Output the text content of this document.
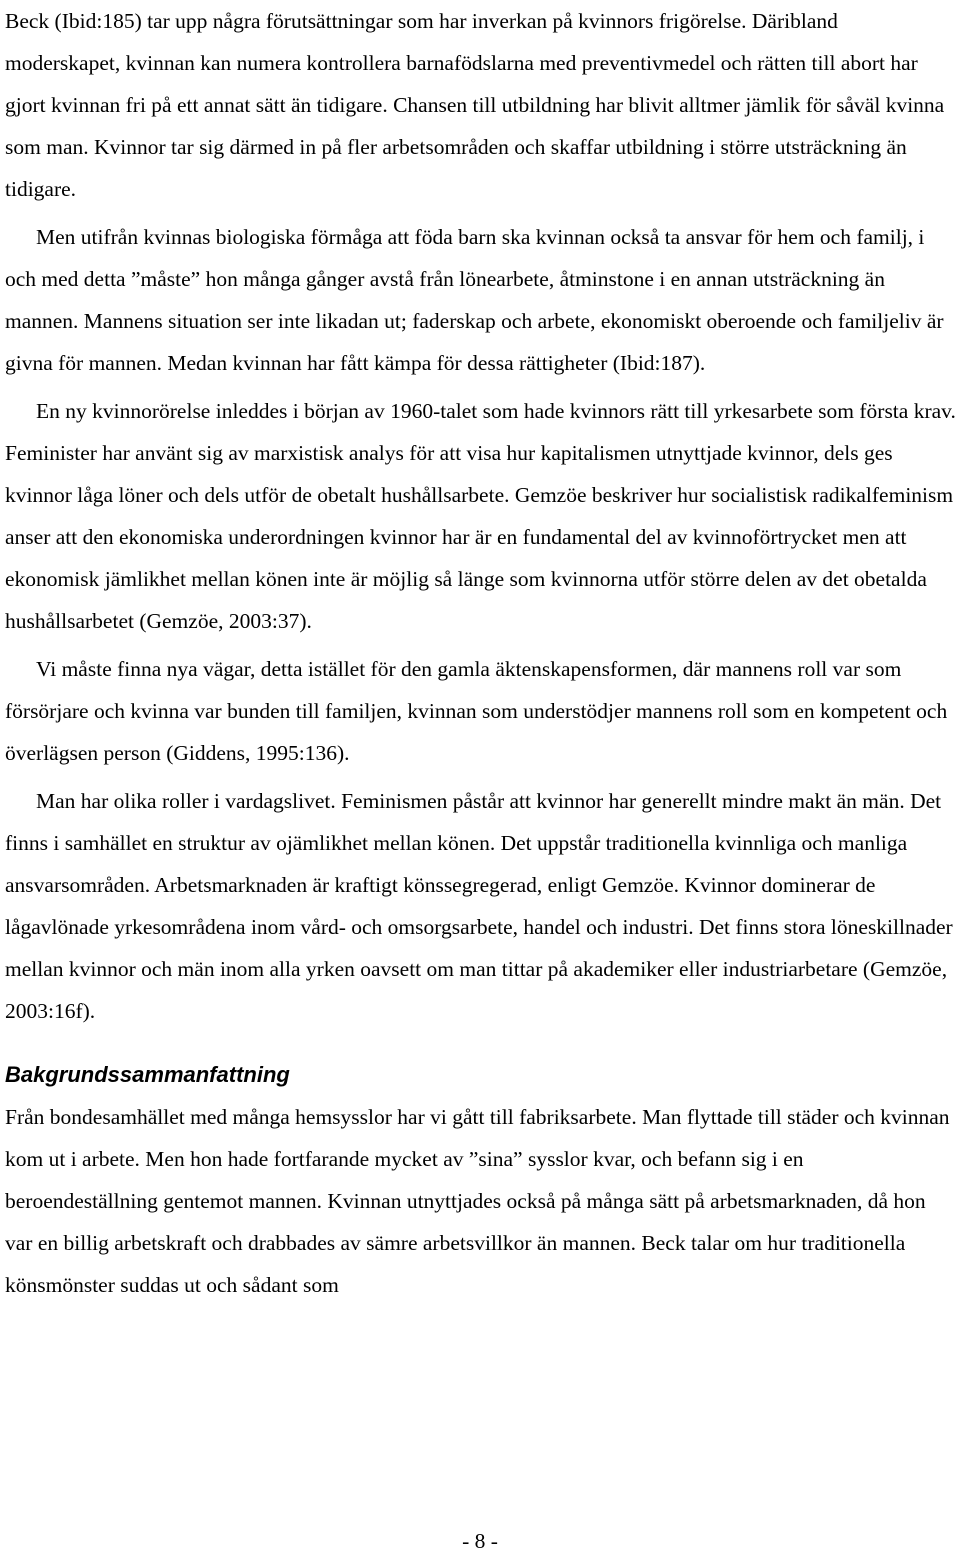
Beck (Ibid:185) tar upp några förutsättningar som har inverkan på kvinnors frigörelse. Däribland moderskapet, kvinnan kan numera kontrollera barnafödslarna med preventivmedel och rätten till abort har gjort kvinnan fri på ett annat sätt än tidigare. Chansen till utbildning har blivit alltmer jämlik för såväl kvinna som man. Kvinnor tar sig därmed in på fler arbetsområden och skaffar utbildning i större utsträckning än tidigare.

Men utifrån kvinnas biologiska förmåga att föda barn ska kvinnan också ta ansvar för hem och familj, i och med detta ”måste” hon många gånger avstå från lönearbete, åtminstone i en annan utsträckning än mannen. Mannens situation ser inte likadan ut; faderskap och arbete, ekonomiskt oberoende och familjeliv är givna för mannen. Medan kvinnan har fått kämpa för dessa rättigheter (Ibid:187).

En ny kvinnorörelse inleddes i början av 1960-talet som hade kvinnors rätt till yrkesarbete som första krav. Feminister har använt sig av marxistisk analys för att visa hur kapitalismen utnyttjade kvinnor, dels ges kvinnor låga löner och dels utför de obetalt hushållsarbete. Gemzöe beskriver hur socialistisk radikalfeminism anser att den ekonomiska underordningen kvinnor har är en fundamental del av kvinnoförtrycket men att ekonomisk jämlikhet mellan könen inte är möjlig så länge som kvinnorna utför större delen av det obetalda hushållsarbetet (Gemzöe, 2003:37).

Vi måste finna nya vägar, detta istället för den gamla äktenskapensformen, där mannens roll var som försörjare och kvinna var bunden till familjen, kvinnan som understödjer mannens roll som en kompetent och överlägsen person (Giddens, 1995:136).

Man har olika roller i vardagslivet. Feminismen påstår att kvinnor har generellt mindre makt än män. Det finns i samhället en struktur av ojämlikhet mellan könen. Det uppstår traditionella kvinnliga och manliga ansvarsområden. Arbetsmarknaden är kraftigt könssegregerad, enligt Gemzöe. Kvinnor dominerar de lågavlönade yrkesområdena inom vård- och omsorgsarbete, handel och industri. Det finns stora löneskillnader mellan kvinnor och män inom alla yrken oavsett om man tittar på akademiker eller industriarbetare (Gemzöe, 2003:16f).

Bakgrundssammanfattning

Från bondesamhället med många hemsysslor har vi gått till fabriksarbete. Man flyttade till städer och kvinnan kom ut i arbete. Men hon hade fortfarande mycket av ”sina” sysslor kvar, och befann sig i en beroendeställning gentemot mannen. Kvinnan utnyttjades också på många sätt på arbetsmarknaden, då hon var en billig arbetskraft och drabbades av sämre arbetsvillkor än mannen. Beck talar om hur traditionella könsmönster suddas ut och sådant som

- 8 -
